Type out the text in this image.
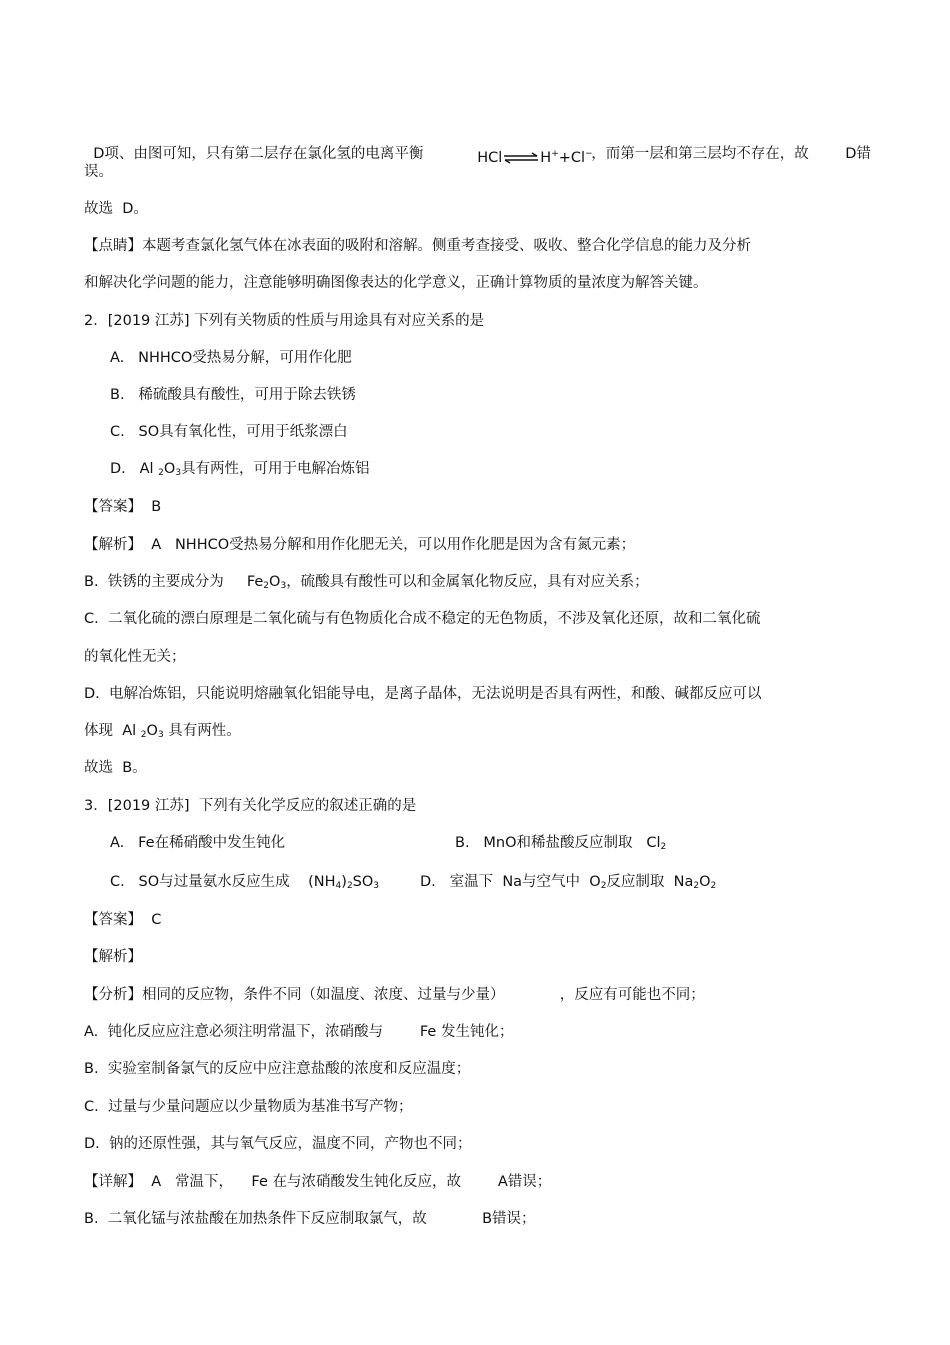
D项、由图可知，只有第二层存在氯化氢的电离平衡	HCl⇌H++Cl−

，而第一层和第三层均不存在，故	D错

误。
故选  D。
【点睛】本题考查氯化氢气体在冰表面的吸附和溶解。侧重考查接受、吸收、整合化学信息的能力及分析
和解决化学问题的能力，注意能够明确图像表达的化学意义，正确计算物质的量浓度为解答关键。
2．[2019 江苏] 下列有关物质的性质与用途具有对应关系的是
A.   NHHCO受热易分解，可用作化肥
B.   稀硫酸具有酸性，可用于除去铁锈
C.   SO具有氧化性，可用于纸浆漂白
D.   Al $_2O_3$具有两性，可用于电解冶炼铝
【答案】  B
【解析】  A   NHHCO受热易分解和用作化肥无关，可以用作化肥是因为含有氮元素；
B.  铁锈的主要成分为     $Fe_2O_3$，硫酸具有酸性可以和金属氧化物反应，具有对应关系；
C.  二氧化硫的漂白原理是二氧化硫与有色物质化合成不稳定的无色物质，不涉及氧化还原，故和二氧化硫
的氧化性无关；
D.  电解冶炼铝，只能说明熔融氧化铝能导电，是离子晶体，无法说明是否具有两性，和酸、碱都反应可以
体现  Al $_2O_3$ 具有两性。
故选  B。
3．[2019 江苏]  下列有关化学反应的叙述正确的是
A.   Fe在稀硝酸中发生钝化	B.   MnO和稀盐酸反应制取   $Cl_2$
C.   SO与过量氨水反应生成    $(NH_4)_2SO_3$	D.   室温下  Na与空气中  $O_2$反应制取  $Na_2O_2$
【答案】  C
【解析】
【分析】相同的反应物，条件不同（如温度、浓度、过量与少量）            ，反应有可能也不同；
A.  钝化反应应注意必须注明常温下，浓硝酸与        Fe 发生钝化；
B.  实验室制备氯气的反应中应注意盐酸的浓度和反应温度；
C.  过量与少量问题应以少量物质为基准书写产物；
D.  钠的还原性强，其与氧气反应，温度不同，产物也不同；
【详解】  A   常温下，    Fe 在与浓硝酸发生钝化反应，故        A错误；
B.  二氧化锰与浓盐酸在加热条件下反应制取氯气，故            B错误；
